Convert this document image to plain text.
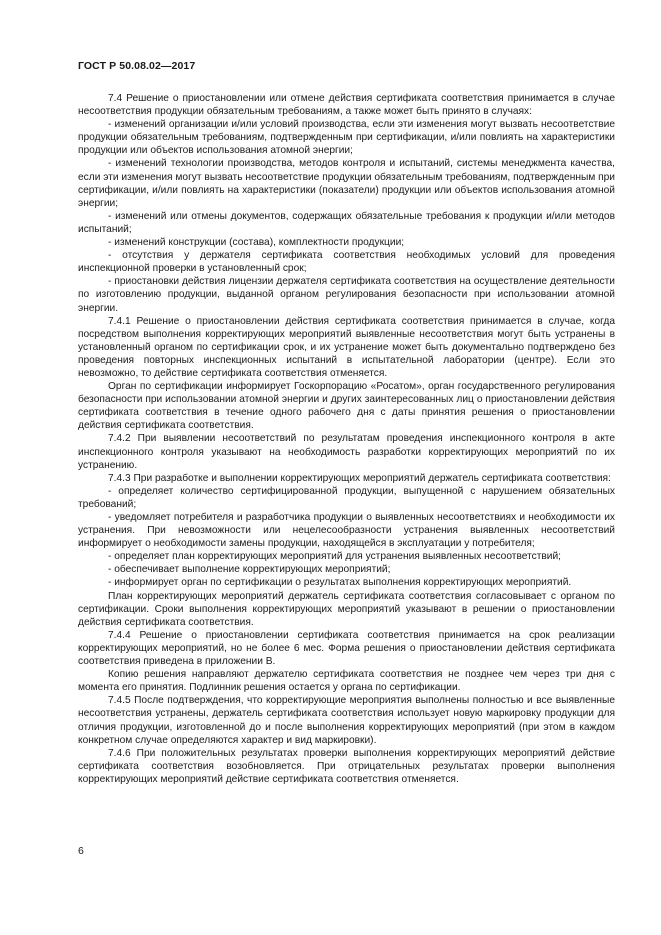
ГОСТ Р 50.08.02—2017

7.4 Решение о приостановлении или отмене действия сертификата соответствия принимается в случае несоответствия продукции обязательным требованиям, а также может быть принято в случаях:

- изменений организации и/или условий производства, если эти изменения могут вызвать несоответствие продукции обязательным требованиям, подтвержденным при сертификации, и/или повлиять на характеристики продукции или объектов использования атомной энергии;

- изменений технологии производства, методов контроля и испытаний, системы менеджмента качества, если эти изменения могут вызвать несоответствие продукции обязательным требованиям, подтвержденным при сертификации, и/или повлиять на характеристики (показатели) продукции или объектов использования атомной энергии;

- изменений или отмены документов, содержащих обязательные требования к продукции и/или методов испытаний;

- изменений конструкции (состава), комплектности продукции;

- отсутствия у держателя сертификата соответствия необходимых условий для проведения инспекционной проверки в установленный срок;

- приостановки действия лицензии держателя сертификата соответствия на осуществление деятельности по изготовлению продукции, выданной органом регулирования безопасности при использовании атомной энергии.

7.4.1 Решение о приостановлении действия сертификата соответствия принимается в случае, когда посредством выполнения корректирующих мероприятий выявленные несоответствия могут быть устранены в установленный органом по сертификации срок, и их устранение может быть документально подтверждено без проведения повторных инспекционных испытаний в испытательной лаборатории (центре). Если это невозможно, то действие сертификата соответствия отменяется.

Орган по сертификации информирует Госкорпорацию «Росатом», орган государственного регулирования безопасности при использовании атомной энергии и других заинтересованных лиц о приостановлении действия сертификата соответствия в течение одного рабочего дня с даты принятия решения о приостановлении действия сертификата соответствия.

7.4.2 При выявлении несоответствий по результатам проведения инспекционного контроля в акте инспекционного контроля указывают на необходимость разработки корректирующих мероприятий по их устранению.

7.4.3 При разработке и выполнении корректирующих мероприятий держатель сертификата соответствия:

- определяет количество сертифицированной продукции, выпущенной с нарушением обязательных требований;

- уведомляет потребителя и разработчика продукции о выявленных несоответствиях и необходимости их устранения. При невозможности или нецелесообразности устранения выявленных несоответствий информирует о необходимости замены продукции, находящейся в эксплуатации у потребителя;

- определяет план корректирующих мероприятий для устранения выявленных несоответствий;

- обеспечивает выполнение корректирующих мероприятий;

- информирует орган по сертификации о результатах выполнения корректирующих мероприятий.

План корректирующих мероприятий держатель сертификата соответствия согласовывает с органом по сертификации. Сроки выполнения корректирующих мероприятий указывают в решении о приостановлении действия сертификата соответствия.

7.4.4 Решение о приостановлении сертификата соответствия принимается на срок реализации корректирующих мероприятий, но не более 6 мес. Форма решения о приостановлении действия сертификата соответствия приведена в приложении В.

Копию решения направляют держателю сертификата соответствия не позднее чем через три дня с момента его принятия. Подлинник решения остается у органа по сертификации.

7.4.5 После подтверждения, что корректирующие мероприятия выполнены полностью и все выявленные несоответствия устранены, держатель сертификата соответствия использует новую маркировку продукции для отличия продукции, изготовленной до и после выполнения корректирующих мероприятий (при этом в каждом конкретном случае определяются характер и вид маркировки).

7.4.6 При положительных результатах проверки выполнения корректирующих мероприятий действие сертификата соответствия возобновляется. При отрицательных результатах проверки выполнения корректирующих мероприятий действие сертификата соответствия отменяется.

6
